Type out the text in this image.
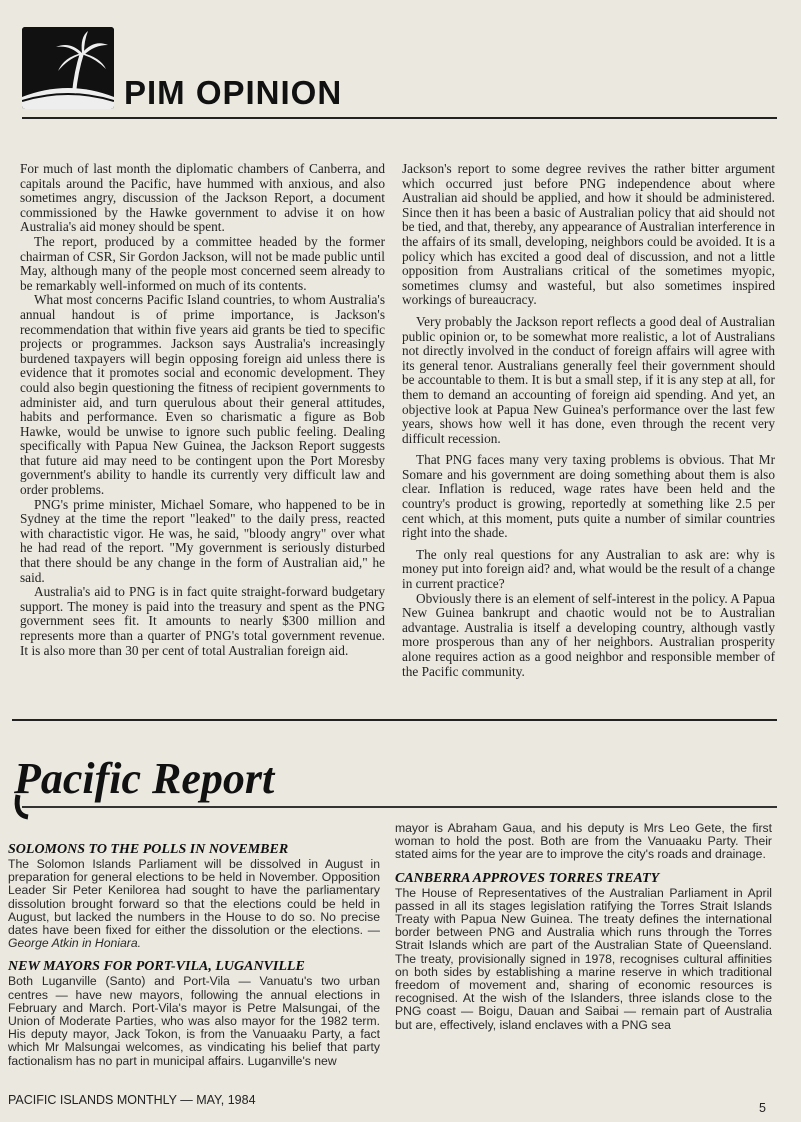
PIM OPINION

For much of last month the diplomatic chambers of Canberra, and capitals around the Pacific, have hummed with anxious, and also sometimes angry, discussion of the Jackson Report, a document commissioned by the Hawke government to advise it on how Australia's aid money should be spent.

The report, produced by a committee headed by the former chairman of CSR, Sir Gordon Jackson, will not be made public until May, although many of the people most concerned seem already to be remarkably well-informed on much of its contents.

What most concerns Pacific Island countries, to whom Australia's annual handout is of prime importance, is Jackson's recommendation that within five years aid grants be tied to specific projects or programmes. Jackson says Australia's increasingly burdened taxpayers will begin opposing foreign aid unless there is evidence that it promotes social and economic development. They could also begin questioning the fitness of recipient governments to administer aid, and turn querulous about their general attitudes, habits and performance. Even so charismatic a figure as Bob Hawke, would be unwise to ignore such public feeling. Dealing specifically with Papua New Guinea, the Jackson Report suggests that future aid may need to be contingent upon the Port Moresby government's ability to handle its currently very difficult law and order problems.

PNG's prime minister, Michael Somare, who happened to be in Sydney at the time the report "leaked" to the daily press, reacted with charactistic vigor. He was, he said, "bloody angry" over what he had read of the report. "My government is seriously disturbed that there should be any change in the form of Australian aid," he said.

Australia's aid to PNG is in fact quite straight-forward budgetary support. The money is paid into the treasury and spent as the PNG government sees fit. It amounts to nearly $300 million and represents more than a quarter of PNG's total government revenue. It is also more than 30 per cent of total Australian foreign aid.

Jackson's report to some degree revives the rather bitter argument which occurred just before PNG independence about where Australian aid should be applied, and how it should be administered. Since then it has been a basic of Australian policy that aid should not be tied, and that, thereby, any appearance of Australian interference in the affairs of its small, developing, neighbors could be avoided. It is a policy which has excited a good deal of discussion, and not a little opposition from Australians critical of the sometimes myopic, sometimes clumsy and wasteful, but also sometimes inspired workings of bureaucracy.

Very probably the Jackson report reflects a good deal of Australian public opinion or, to be somewhat more realistic, a lot of Australians not directly involved in the conduct of foreign affairs will agree with its general tenor. Australians generally feel their government should be accountable to them. It is but a small step, if it is any step at all, for them to demand an accounting of foreign aid spending. And yet, an objective look at Papua New Guinea's performance over the last few years, shows how well it has done, even through the recent very difficult recession.

That PNG faces many very taxing problems is obvious. That Mr Somare and his government are doing something about them is also clear. Inflation is reduced, wage rates have been held and the country's product is growing, reportedly at something like 2.5 per cent which, at this moment, puts quite a number of similar countries right into the shade.

The only real questions for any Australian to ask are: why is money put into foreign aid? and, what would be the result of a change in current practice?

Obviously there is an element of self-interest in the policy. A Papua New Guinea bankrupt and chaotic would not be to Australian advantage. Australia is itself a developing country, although vastly more prosperous than any of her neighbors. Australian prosperity alone requires action as a good neighbor and responsible member of the Pacific community.

Pacific Report
SOLOMONS TO THE POLLS IN NOVEMBER

The Solomon Islands Parliament will be dissolved in August in preparation for general elections to be held in November. Opposition Leader Sir Peter Kenilorea had sought to have the parliamentary dissolution brought forward so that the elections could be held in August, but lacked the numbers in the House to do so. No precise dates have been fixed for either the dissolution or the elections. — George Atkin in Honiara.

NEW MAYORS FOR PORT-VILA, LUGANVILLE

Both Luganville (Santo) and Port-Vila — Vanuatu's two urban centres — have new mayors, following the annual elections in February and March. Port-Vila's mayor is Petre Malsungai, of the Union of Moderate Parties, who was also mayor for the 1982 term. His deputy mayor, Jack Tokon, is from the Vanuaaku Party, a fact which Mr Malsungai welcomes, as vindicating his belief that party factionalism has no part in municipal affairs. Luganville's new

mayor is Abraham Gaua, and his deputy is Mrs Leo Gete, the first woman to hold the post. Both are from the Vanuaaku Party. Their stated aims for the year are to improve the city's roads and drainage.

CANBERRA APPROVES TORRES TREATY

The House of Representatives of the Australian Parliament in April passed in all its stages legislation ratifying the Torres Strait Islands Treaty with Papua New Guinea. The treaty defines the international border between PNG and Australia which runs through the Torres Strait Islands which are part of the Australian State of Queensland. The treaty, provisionally signed in 1978, recognises cultural affinities on both sides by establishing a marine reserve in which traditional freedom of movement and, sharing of economic resources is recognised. At the wish of the Islanders, three islands close to the PNG coast — Boigu, Dauan and Saibai — remain part of Australia but are, effectively, island enclaves with a PNG sea

PACIFIC ISLANDS MONTHLY — MAY, 1984
5
